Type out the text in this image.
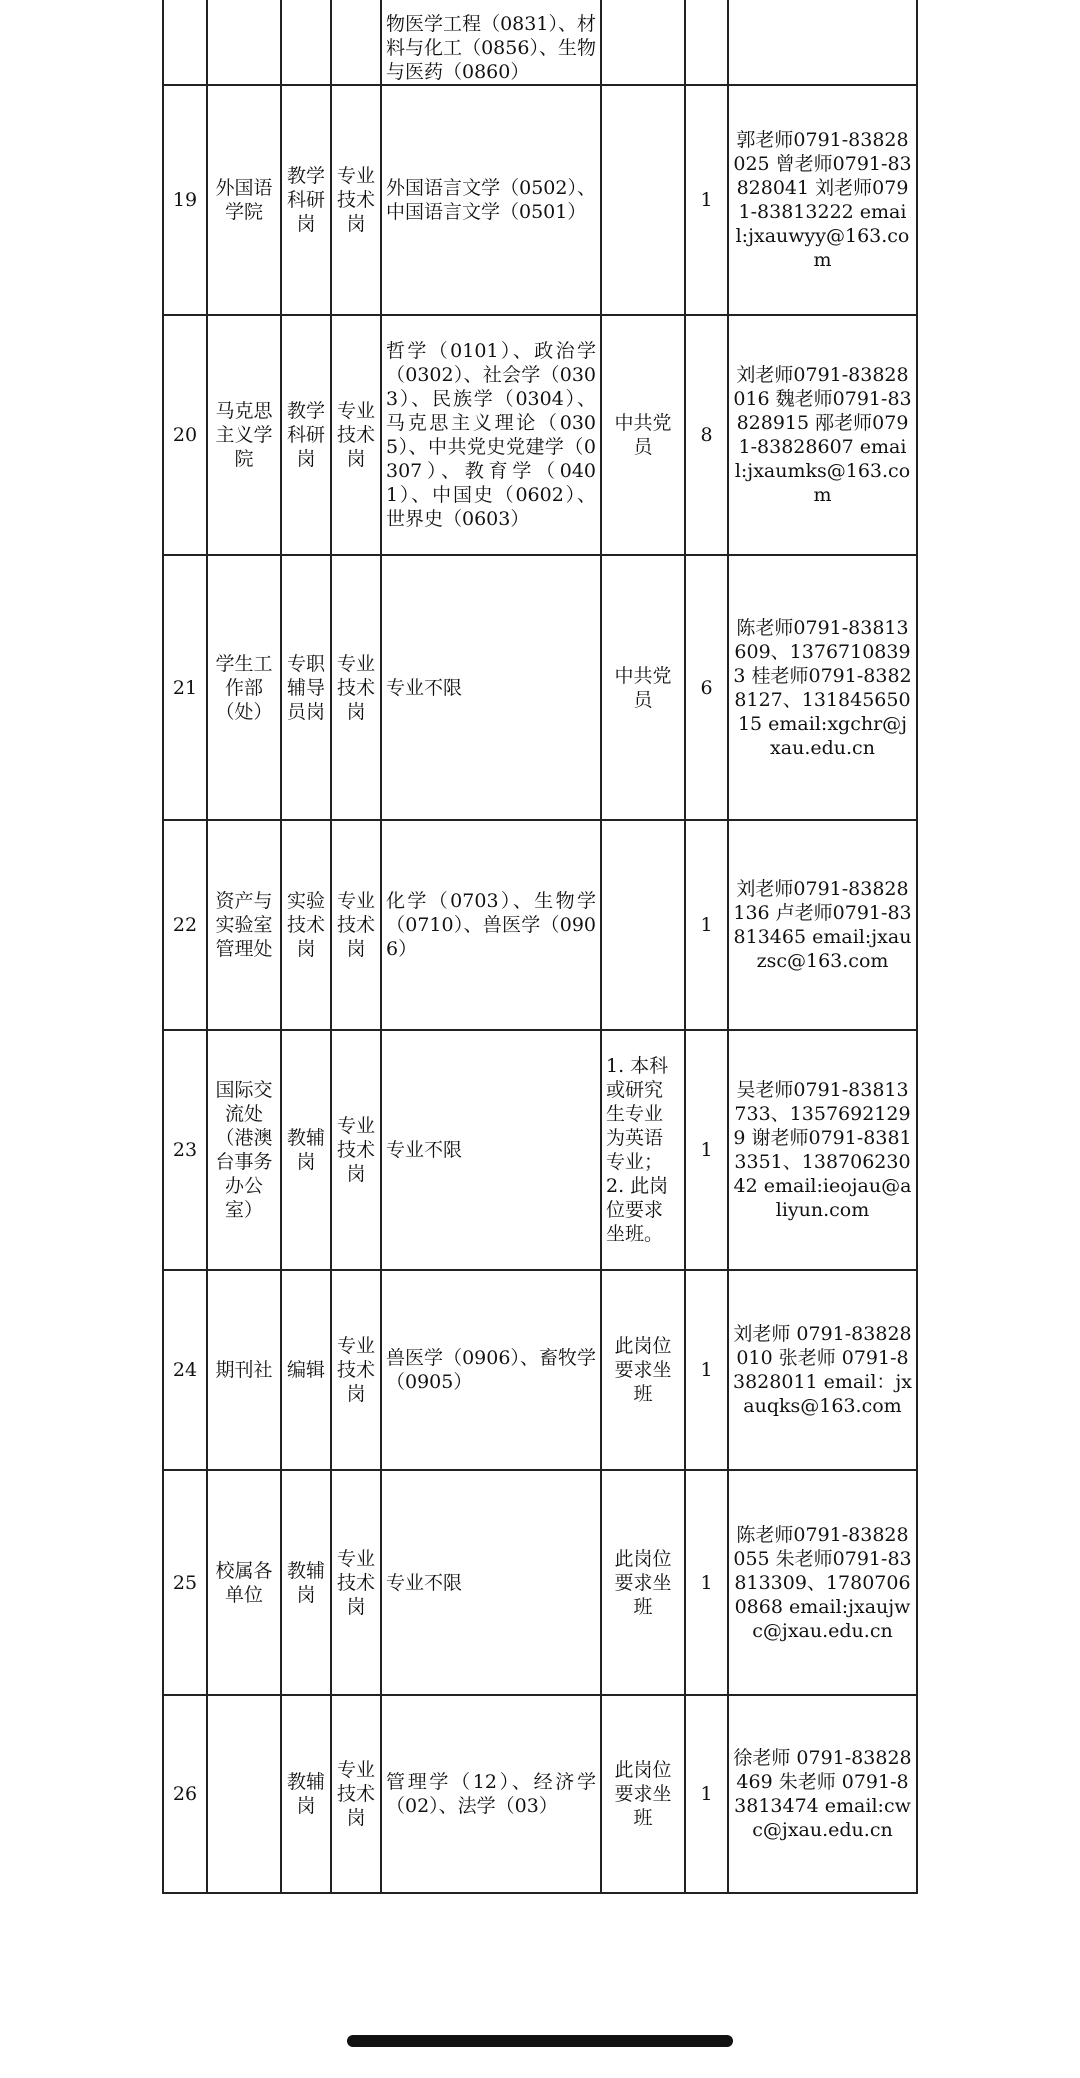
				物医学工程（0831）、材料与化工（0856）、生物与医药（0860）			
19	外国语学院	教学科研岗	专业技术岗	外国语言文学（0502）、中国语言文学（0501）		1	郭老师0791-83828025 曾老师0791-83828041 刘老师0791-83813222 email:jxauwyy@163.com
20	马克思主义学院	教学科研岗	专业技术岗	哲学（0101）、政治学（0302）、社会学（0303）、民族学（0304）、马克思主义理论（0305）、中共党史党建学（0307）、教育学（0401）、中国史（0602）、世界史（0603）	中共党员	8	刘老师0791-83828016 魏老师0791-83828915 邴老师0791-83828607 email:jxaumks@163.com
21	学生工作部（处）	专职辅导员岗	专业技术岗	专业不限	中共党员	6	陈老师0791-83813609、13767108393 桂老师0791-83828127、13184565015 email:xgchr@jxau.edu.cn
22	资产与实验室管理处	实验技术岗	专业技术岗	化学（0703）、生物学（0710）、兽医学（0906）		1	刘老师0791-83828136 卢老师0791-83813465 email:jxauzsc@163.com
23	国际交流处（港澳台事务办公室）	教辅岗	专业技术岗	专业不限	1. 本科或研究生专业为英语专业；2. 此岗位要求坐班。	1	吴老师0791-83813733、13576921299 谢老师0791-83813351、13870623042 email:ieojau@aliyun.com
24	期刊社	编辑	专业技术岗	兽医学（0906）、畜牧学（0905）	此岗位要求坐班	1	刘老师 0791-83828010 张老师 0791-83828011 email：jxauqks@163.com
25	校属各单位	教辅岗	专业技术岗	专业不限	此岗位要求坐班	1	陈老师0791-83828055 朱老师0791-83813309、17807060868 email:jxaujwc@jxau.edu.cn
26		教辅岗	专业技术岗	管理学（12）、经济学（02）、法学（03）	此岗位要求坐班	1	徐老师 0791-83828469 朱老师 0791-83813474 email:cwc@jxau.edu.cn
